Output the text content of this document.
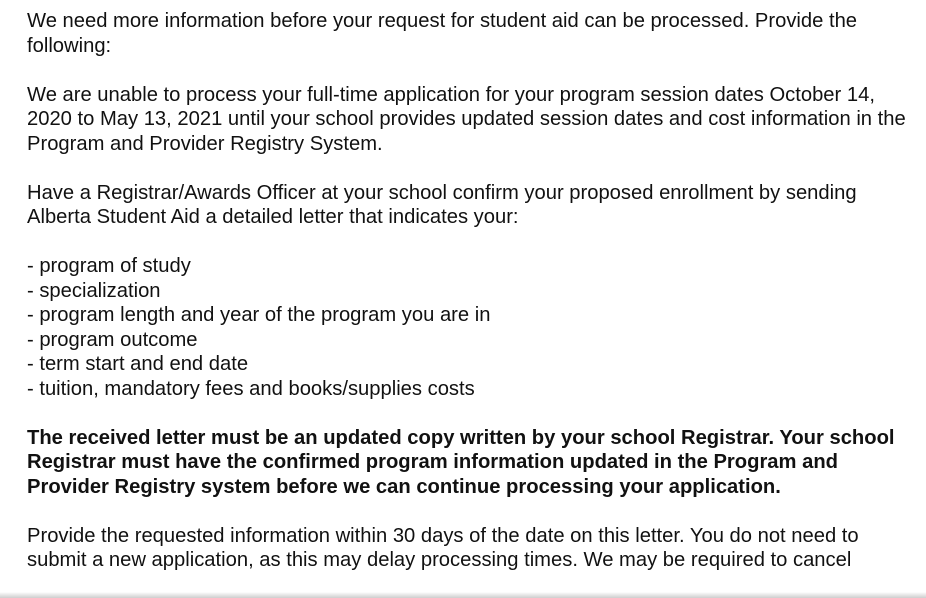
We need more information before your request for student aid can be processed. Provide the following:

We are unable to process your full-time application for your program session dates October 14, 2020 to May 13, 2021 until your school provides updated session dates and cost information in the Program and Provider Registry System.

Have a Registrar/Awards Officer at your school confirm your proposed enrollment by sending Alberta Student Aid a detailed letter that indicates your:

- program of study
- specialization
- program length and year of the program you are in
- program outcome
- term start and end date
- tuition, mandatory fees and books/supplies costs

The received letter must be an updated copy written by your school Registrar. Your school Registrar must have the confirmed program information updated in the Program and Provider Registry system before we can continue processing your application.

Provide the requested information within 30 days of the date on this letter. You do not need to submit a new application, as this may delay processing times. We may be required to cancel
